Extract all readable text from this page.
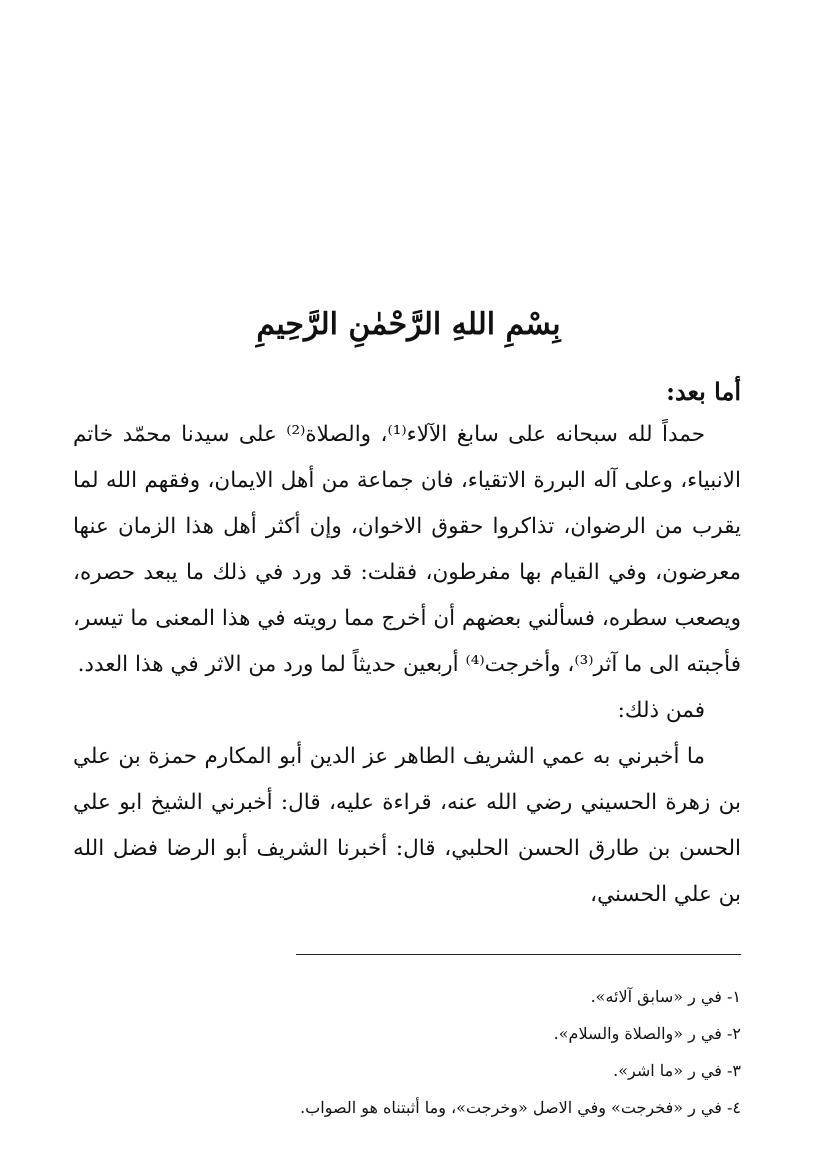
بِسْمِ اللهِ الرَّحْمٰنِ الرَّحِيمِ
أما بعد:

حمداً لله سبحانه على سابغ الآلاء⁽¹⁾، والصلاة⁽²⁾ على سيدنا محمّد خاتم الانبياء، وعلى آله البررة الاتقياء، فان جماعة من أهل الايمان، وفقهم الله لما يقرب من الرضوان، تذاكروا حقوق الاخوان، وإن أكثر أهل هذا الزمان عنها معرضون، وفي القيام بها مفرطون، فقلت: قد ورد في ذلك ما يبعد حصره، ويصعب سطره، فسألني بعضهم أن أخرج مما رويته في هذا المعنى ما تيسر، فأجبته الى ما آثر⁽³⁾، وأخرجت⁽⁴⁾ أربعين حديثاً لما ورد من الاثر في هذا العدد.

فمن ذلك:

ما أخبرني به عمي الشريف الطاهر عز الدين أبو المكارم حمزة بن علي بن زهرة الحسيني رضي الله عنه، قراءة عليه، قال: أخبرني الشيخ ابو علي الحسن بن طارق الحسن الحلبي، قال: أخبرنا الشريف أبو الرضا فضل الله بن علي الحسني،

١- في ر «سابق آلائه».
٢- في ر «والصلاة والسلام».
٣- في ر «ما اشر».
٤- في ر «فخرجت» وفي الاصل «وخرجت»، وما أثبتناه هو الصواب.
